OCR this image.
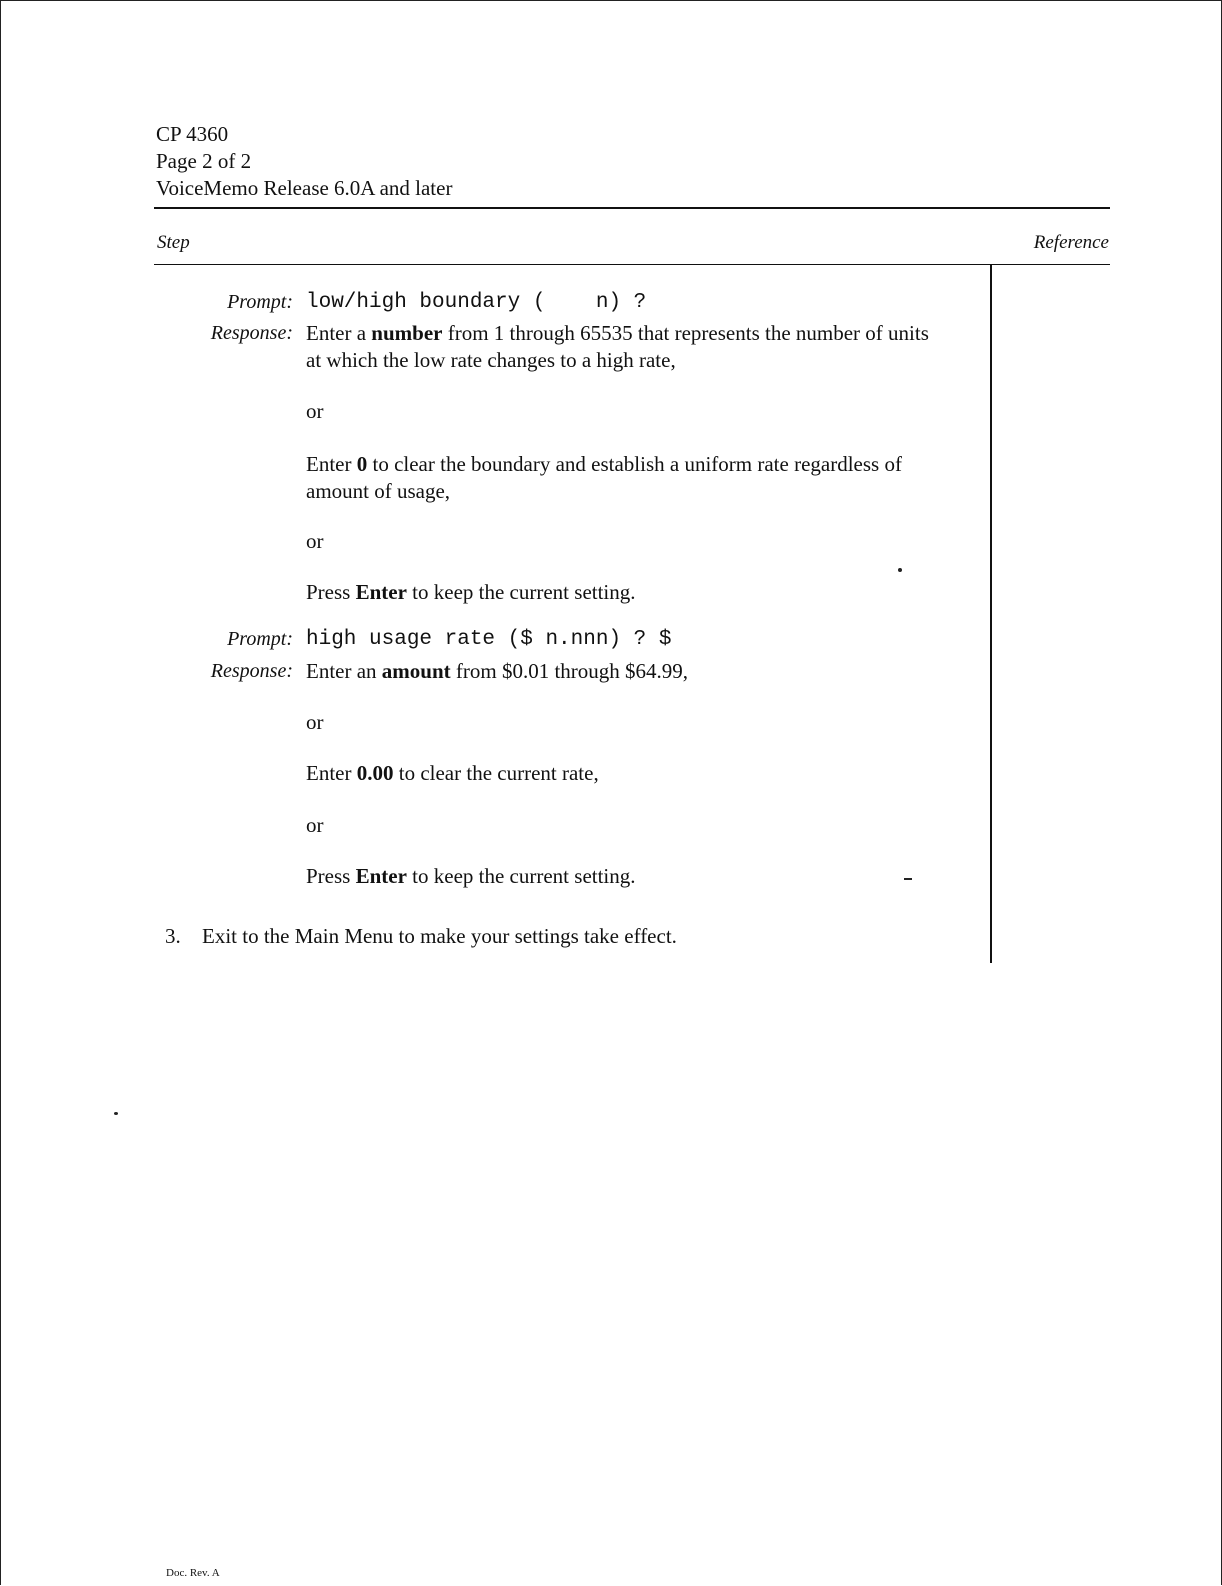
CP 4360
Page 2 of 2
VoiceMemo Release 6.0A and later
Step	Reference
Prompt: low/high boundary (    n) ?
Response: Enter a number from 1 through 65535 that represents the number of units at which the low rate changes to a high rate,
or
Enter 0 to clear the boundary and establish a uniform rate regardless of amount of usage,
or
Press Enter to keep the current setting.
Prompt: high usage rate ($ n.nnn) ? $
Response: Enter an amount from $0.01 through $64.99,
or
Enter 0.00 to clear the current rate,
or
Press Enter to keep the current setting.
3. Exit to the Main Menu to make your settings take effect.
Doc. Rev. A
